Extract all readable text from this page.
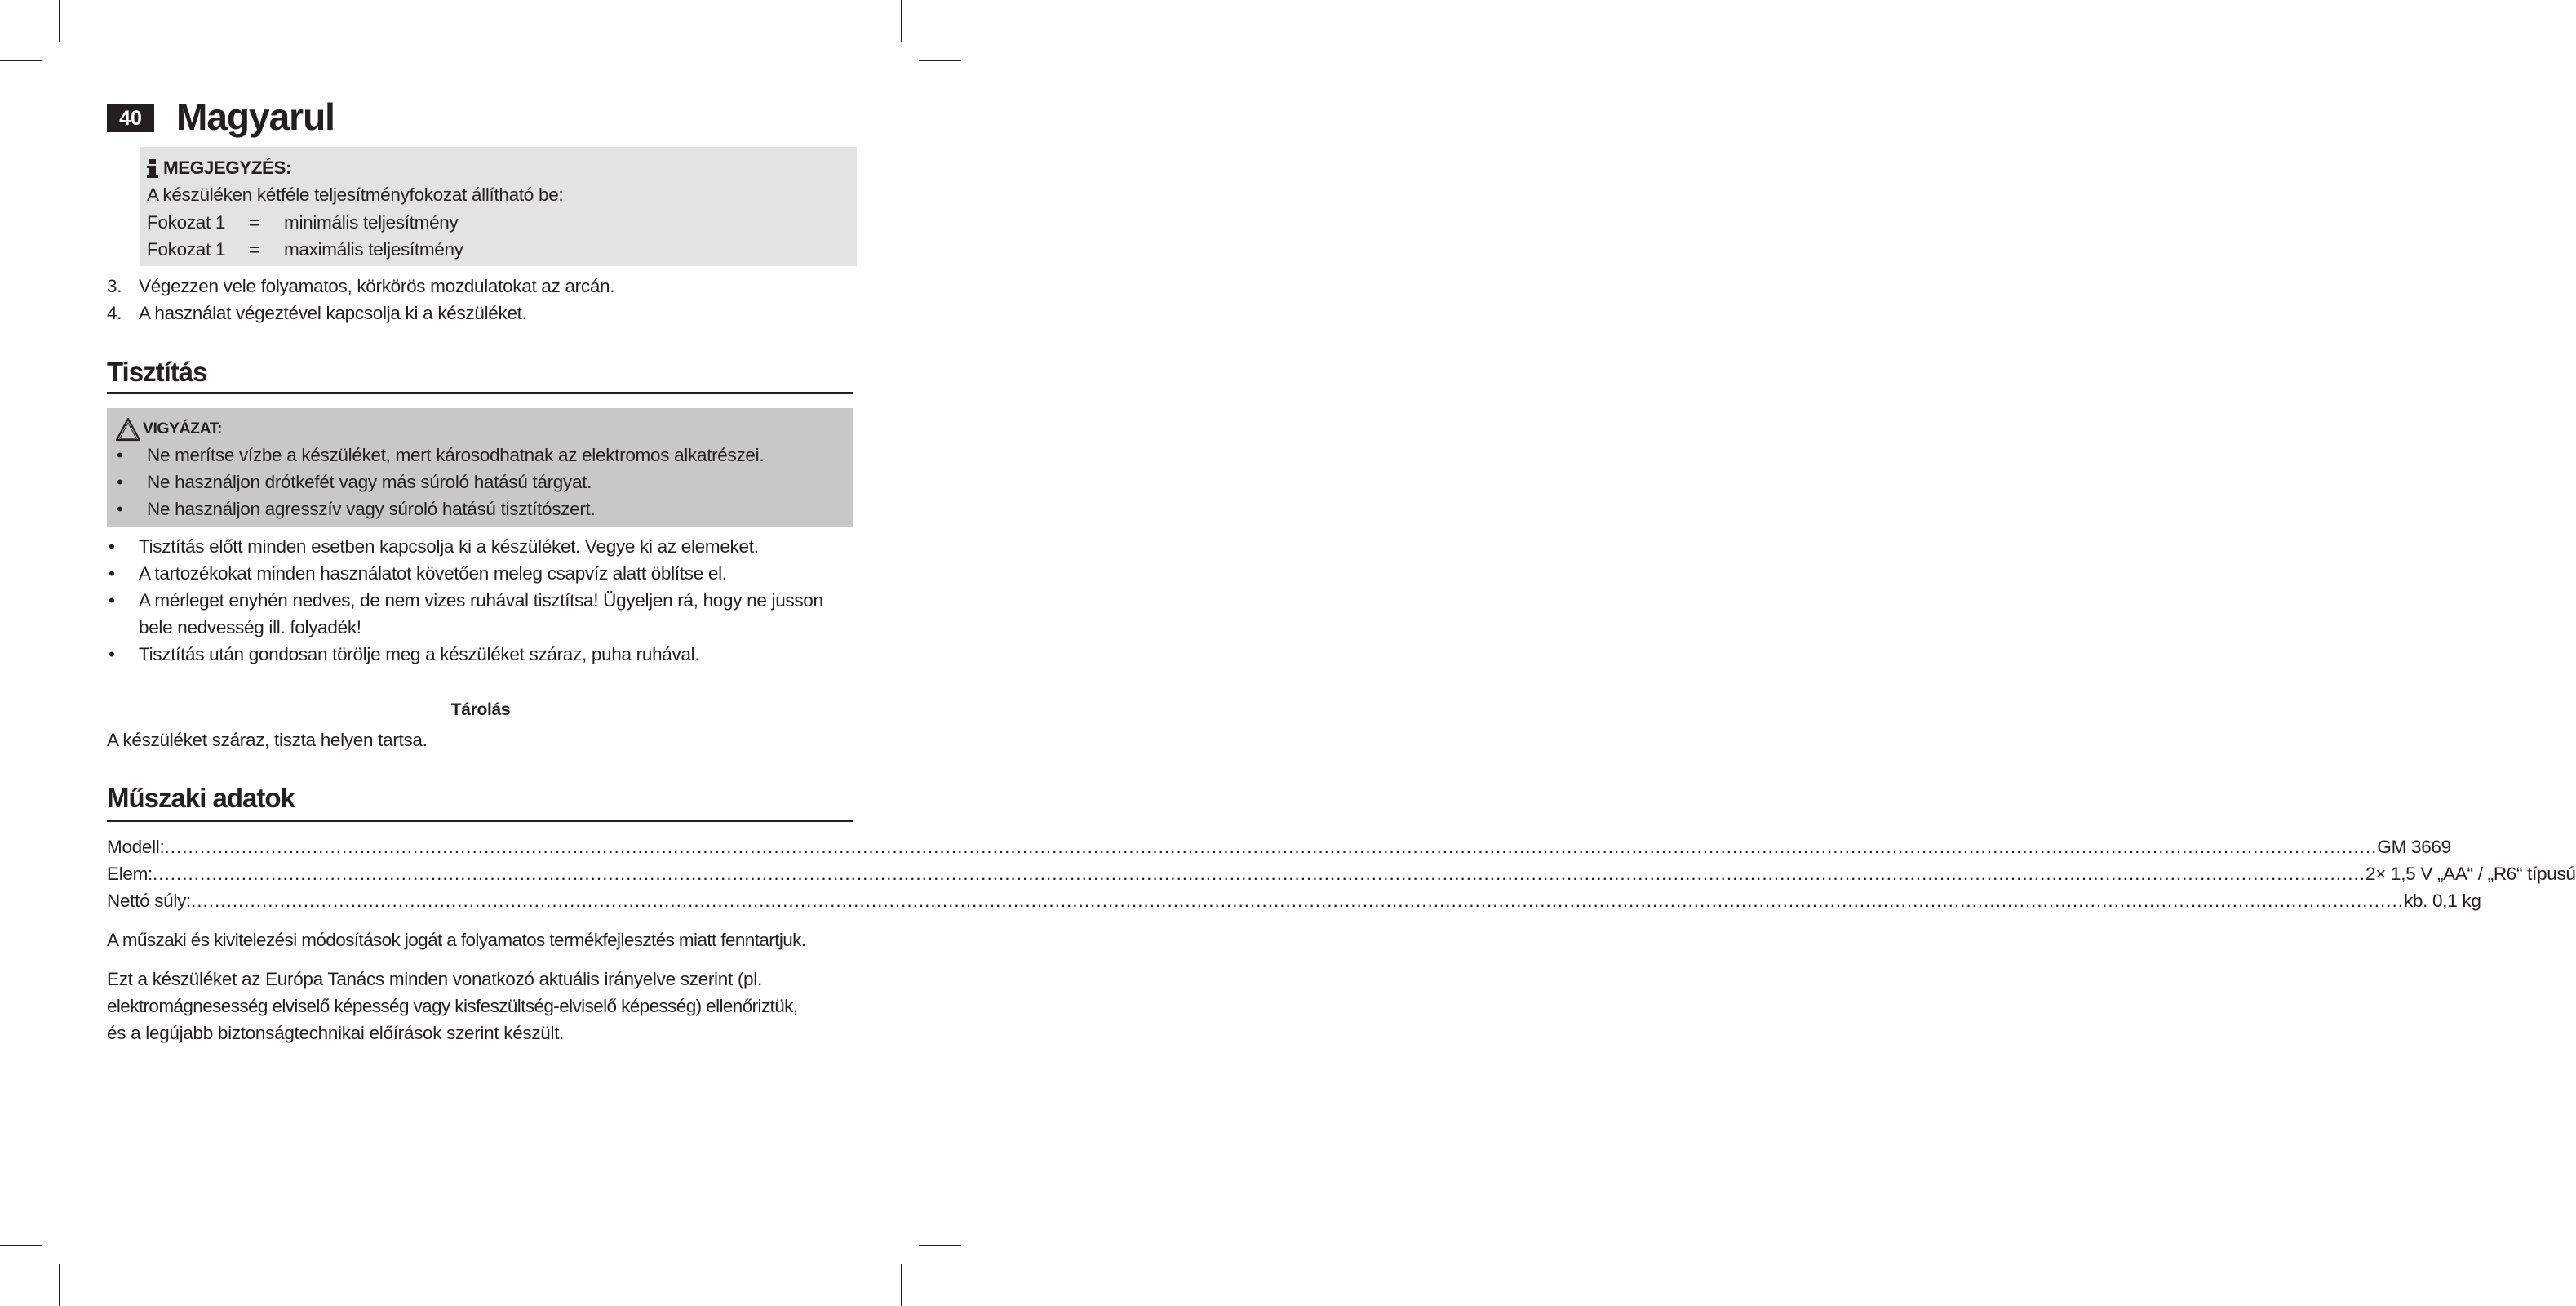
40 Magyarul
MEGJEGYZÉS:
A készüléken kétféle teljesítményfokozat állítható be:
Fokozat 1 = minimális teljesítmény
Fokozat 1 = maximális teljesítmény
3. Végezzen vele folyamatos, körkörös mozdulatokat az arcán.
4. A használat végeztével kapcsolja ki a készüléket.
Tisztítás
VIGYÁZAT:
• Ne merítse vízbe a készüléket, mert károsodhatnak az elektromos alkatrészei.
• Ne használjon drótkefét vagy más súroló hatású tárgyat.
• Ne használjon agresszív vagy súroló hatású tisztítószert.
• Tisztítás előtt minden esetben kapcsolja ki a készüléket. Vegye ki az elemeket.
• A tartozékokat minden használatot követően meleg csapvíz alatt öblítse el.
• A mérleget enyhén nedves, de nem vizes ruhával tisztítsa! Ügyeljen rá, hogy ne jusson
bele nedvesség ill. folyadék!
• Tisztítás után gondosan törölje meg a készüléket száraz, puha ruhával.
Tárolás
A készüléket száraz, tiszta helyen tartsa.
Műszaki adatok
Modell: ...................................................................................................................................................................................................................................................................................................................................................................................... GM 3669
Elem: ...................................................................................................................................................................................................................................................................................................................................................................................... 2× 1,5 V „AA“ / „R6“ típusú
Nettó súly: ...................................................................................................................................................................................................................................................................................................................................................................................... kb. 0,1 kg
A műszaki és kivitelezési módosítások jogát a folyamatos termékfejlesztés miatt fenntartjuk.
Ezt a készüléket az Európa Tanács minden vonatkozó aktuális irányelve szerint (pl.
elektromágnesesség elviselő képesség vagy kisfeszültség-elviselő képesség) ellenőriztük,
és a legújabb biztonságtechnikai előírások szerint készült.
